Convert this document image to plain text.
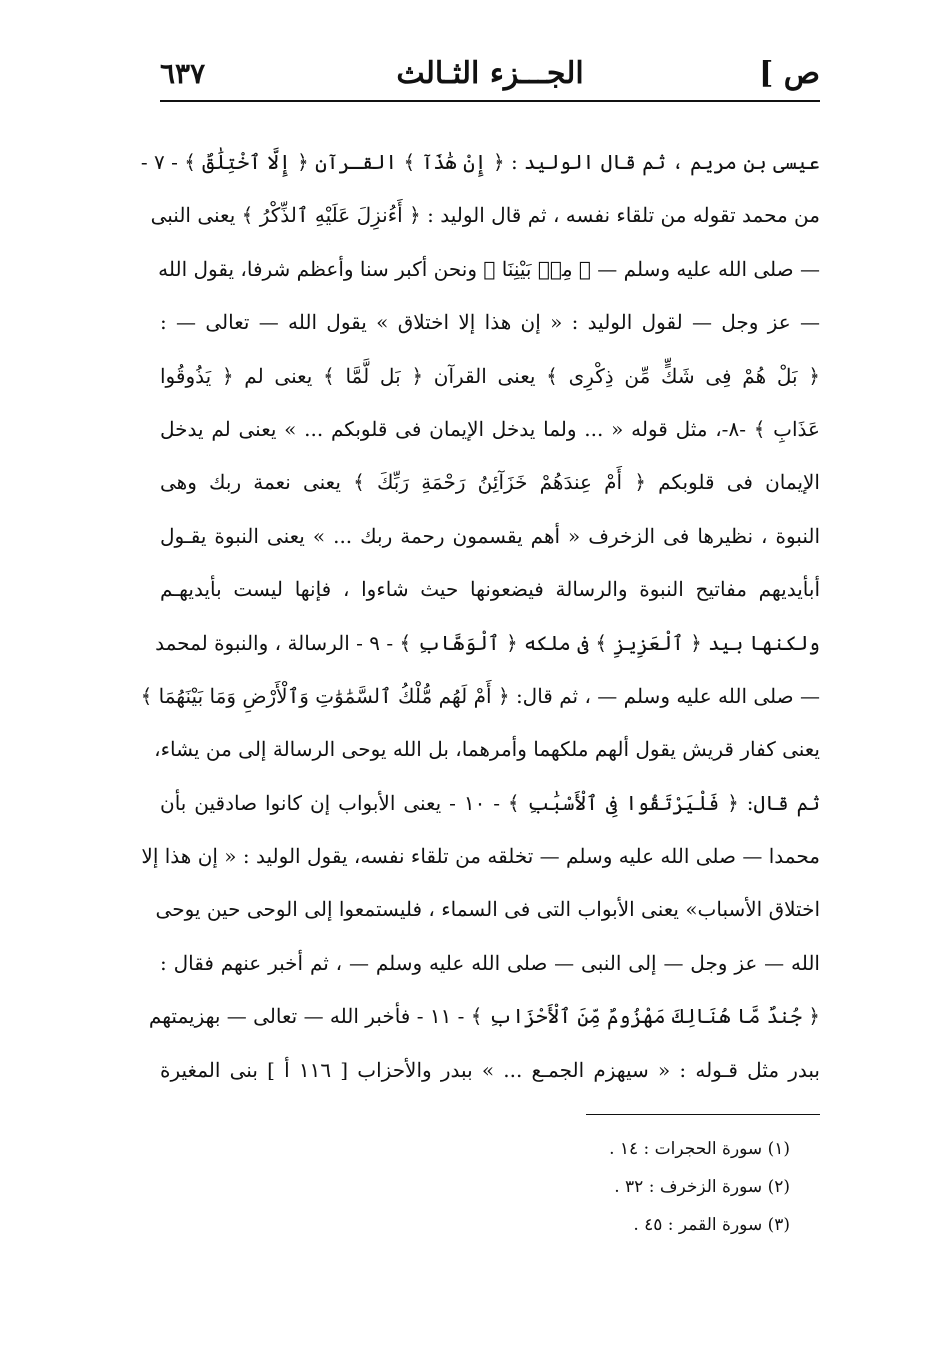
ص ]
الجـــزء الثـالث
٦٣٧
عيسى بن مريم ، ثم قال الوليد : ﴿ إِنْ هَٰذَآ ﴾ القـرآن ﴿ إِلَّا ٱخْتِلَٰقٌ ﴾ - ٧ -
من محمد تقوله من تلقاء نفسه ، ثم قال الوليد : ﴿ أَءُنزِلَ عَلَيْهِ ٱلذِّكْرُ ﴾ يعنى النبى
— صلى الله عليه وسلم — ﴿ مِنۢ بَيْنِنَا ﴾ ونحن أكبر سنا وأعظم شرفا، يقول الله
— عز وجل — لقول الوليد : « إن هذا إلا اختلاق » يقول الله — تعالى — :
﴿ بَلْ هُمْ فِى شَكٍّ مِّن ذِكْرِى ﴾ يعنى القرآن ﴿ بَل لَّمَّا ﴾ يعنى لم ﴿ يَذُوقُوا
عَذَابِ ﴾ -٨-، مثل قوله « ... ولما يدخل الإيمان فى قلوبكم ... » يعنى لم يدخل
الإيمان فى قلوبكم ﴿ أَمْ عِندَهُمْ خَزَآئِنُ رَحْمَةِ رَبِّكَ ﴾ يعنى نعمة ربك وهى
النبوة ، نظيرها فى الزخرف « أهم يقسمون رحمة ربك ... » يعنى النبوة يقـول
أبأيديهم مفاتيح النبوة والرسالة فيضعونها حيث شاءوا ، فإنها ليست بأيديهـم
ولكنها بيد ﴿ ٱلْعَزِيزِ ﴾ فى ملكه ﴿ ٱلْوَهَّابِ ﴾ - ٩ - الرسالة ، والنبوة لمحمد
— صلى الله عليه وسلم — ، ثم قال: ﴿ أَمْ لَهُم مُّلْكُ ٱلسَّمَٰوَٰتِ وَٱلْأَرْضِ وَمَا بَيْنَهُمَا ﴾
يعنى كفار قريش يقول ألهم ملكهما وأمرهما، بل الله يوحى الرسالة إلى من يشاء،
ثم قال: ﴿ فَلْيَرْتَقُوا فِى ٱلْأَسْبَٰبِ ﴾ - ١٠ - يعنى الأبواب إن كانوا صادقين بأن
محمدا — صلى الله عليه وسلم — تخلقه من تلقاء نفسه، يقول الوليد : « إن هذا إلا
اختلاق الأسباب» يعنى الأبواب التى فى السماء ، فليستمعوا إلى الوحى حين يوحى
الله — عز وجل — إلى النبى — صلى الله عليه وسلم — ، ثم أخبر عنهم فقال :
﴿ جُندٌ مَّا هُنَالِكَ مَهْزُومٌ مِّنَ ٱلْأَحْزَابِ ﴾ - ١١ - فأخبر الله — تعالى — بهزيمتهم
ببدر مثل قـوله : « سيهزم الجمـع ... » ببدر والأحزاب [ ١١٦ أ ] بنى المغيرة
(١) سورة الحجرات : ١٤ .
(٢) سورة الزخرف : ٣٢ .
(٣) سورة القمر : ٤٥ .
